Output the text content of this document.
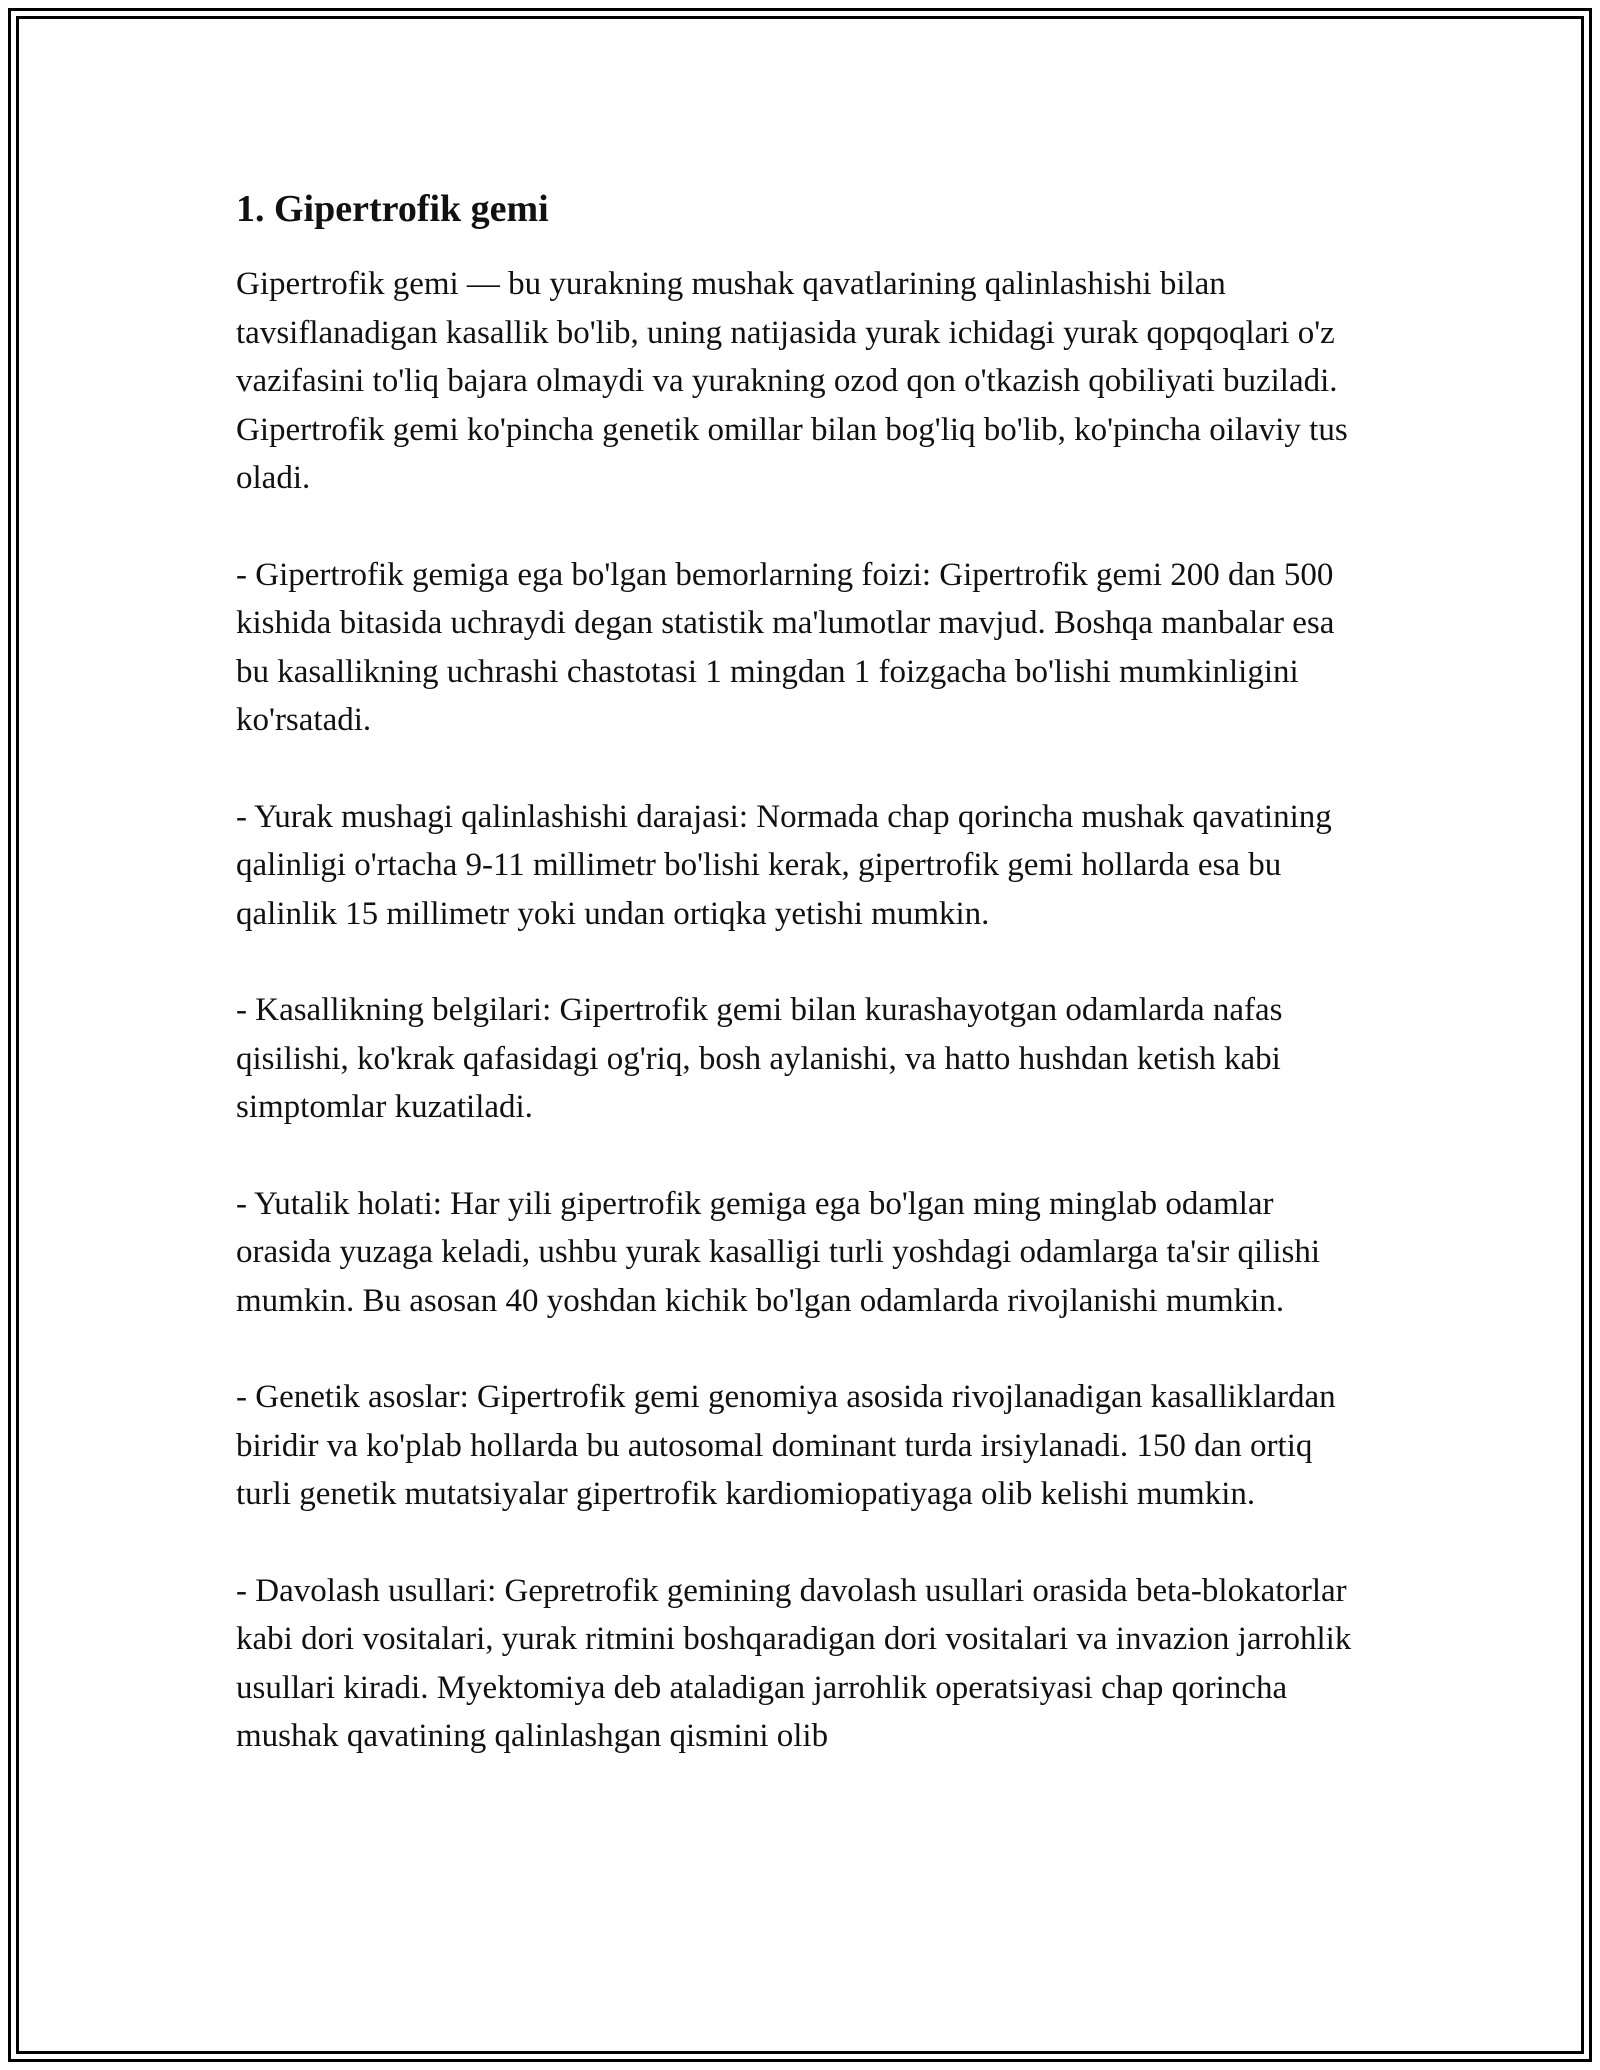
1. Gipertrofik gemi

Gipertrofik gemi — bu yurakning mushak qavatlarining qalinlashishi bilan tavsiflanadigan kasallik bo'lib, uning natijasida yurak ichidagi yurak qopqoqlari o'z vazifasini to'liq bajara olmaydi va yurakning ozod qon o'tkazish qobiliyati buziladi. Gipertrofik gemi ko'pincha genetik omillar bilan bog'liq bo'lib, ko'pincha oilaviy tus oladi.

- Gipertrofik gemiga ega bo'lgan bemorlarning foizi: Gipertrofik gemi 200 dan 500 kishida bitasida uchraydi degan statistik ma'lumotlar mavjud. Boshqa manbalar esa bu kasallikning uchrashi chastotasi 1 mingdan 1 foizgacha bo'lishi mumkinligini ko'rsatadi.

- Yurak mushagi qalinlashishi darajasi: Normada chap qorincha mushak qavatining qalinligi o'rtacha 9-11 millimetr bo'lishi kerak, gipertrofik gemi hollarda esa bu qalinlik 15 millimetr yoki undan ortiqka yetishi mumkin.

- Kasallikning belgilari: Gipertrofik gemi bilan kurashayotgan odamlarda nafas qisilishi, ko'krak qafasidagi og'riq, bosh aylanishi, va hatto hushdan ketish kabi simptomlar kuzatiladi.

- Yutalik holati: Har yili gipertrofik gemiga ega bo'lgan ming minglab odamlar orasida yuzaga keladi, ushbu yurak kasalligi turli yoshdagi odamlarga ta'sir qilishi mumkin. Bu asosan 40 yoshdan kichik bo'lgan odamlarda rivojlanishi mumkin.

- Genetik asoslar: Gipertrofik gemi genomiya asosida rivojlanadigan kasalliklardan biridir va ko'plab hollarda bu autosomal dominant turda irsiylanadi. 150 dan ortiq turli genetik mutatsiyalar gipertrofik kardiomiopatiyaga olib kelishi mumkin.

- Davolash usullari: Gepretrofik gemining davolash usullari orasida beta-blokatorlar kabi dori vositalari, yurak ritmini boshqaradigan dori vositalari va invazion jarrohlik usullari kiradi. Myektomiya deb ataladigan jarrohlik operatsiyasi chap qorincha mushak qavatining qalinlashgan qismini olib
